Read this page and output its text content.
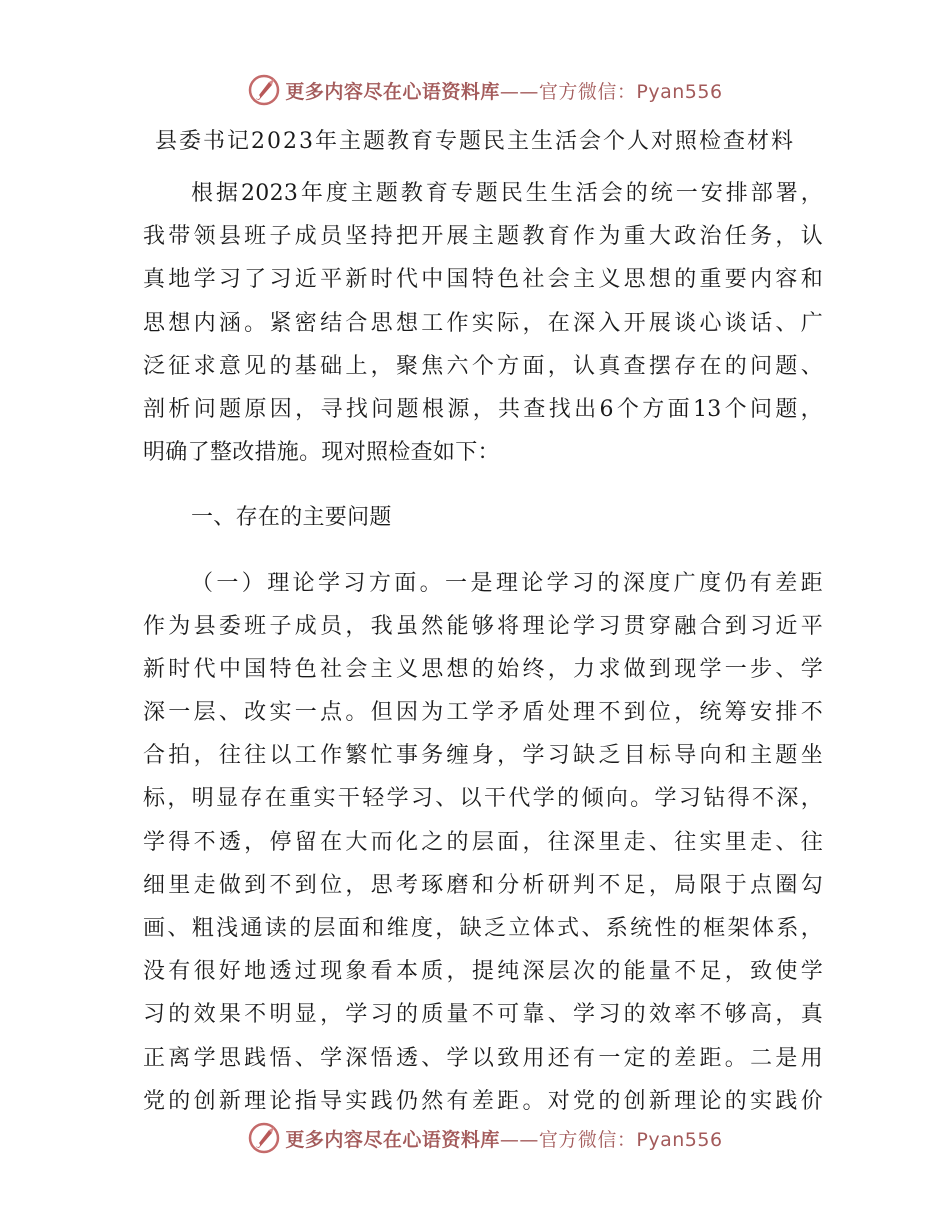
更多内容尽在心语资料库——官方微信：Pyan556
县委书记2023年主题教育专题民主生活会个人对照检查材料
根据2023年度主题教育专题民生生活会的统一安排部署，
我带领县班子成员坚持把开展主题教育作为重大政治任务，认
真地学习了习近平新时代中国特色社会主义思想的重要内容和
思想内涵。紧密结合思想工作实际，在深入开展谈心谈话、广
泛征求意见的基础上，聚焦六个方面，认真查摆存在的问题、
剖析问题原因，寻找问题根源，共查找出6个方面13个问题，
明确了整改措施。现对照检查如下：
一、存在的主要问题
（一）理论学习方面。一是理论学习的深度广度仍有差距
作为县委班子成员，我虽然能够将理论学习贯穿融合到习近平
新时代中国特色社会主义思想的始终，力求做到现学一步、学
深一层、改实一点。但因为工学矛盾处理不到位，统筹安排不
合拍，往往以工作繁忙事务缠身，学习缺乏目标导向和主题坐
标，明显存在重实干轻学习、以干代学的倾向。学习钻得不深，
学得不透，停留在大而化之的层面，往深里走、往实里走、往
细里走做到不到位，思考琢磨和分析研判不足，局限于点圈勾
画、粗浅通读的层面和维度，缺乏立体式、系统性的框架体系，
没有很好地透过现象看本质，提纯深层次的能量不足，致使学
习的效果不明显，学习的质量不可靠、学习的效率不够高，真
正离学思践悟、学深悟透、学以致用还有一定的差距。二是用
党的创新理论指导实践仍然有差距。对党的创新理论的实践价
更多内容尽在心语资料库——官方微信：Pyan556
